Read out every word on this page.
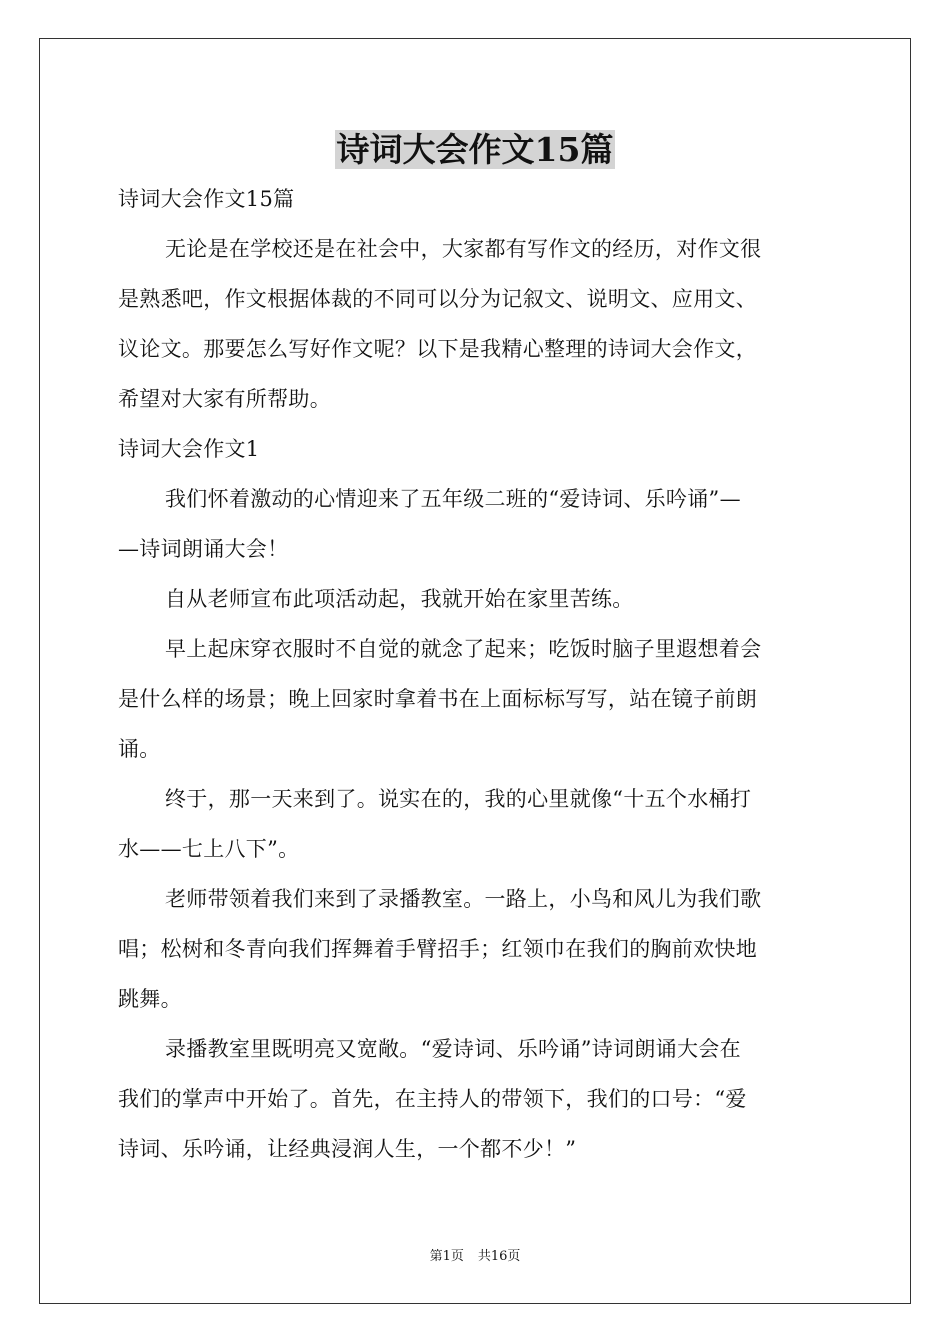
诗词大会作文15篇
诗词大会作文15篇
无论是在学校还是在社会中，大家都有写作文的经历，对作文很
是熟悉吧，作文根据体裁的不同可以分为记叙文、说明文、应用文、
议论文。那要怎么写好作文呢？以下是我精心整理的诗词大会作文，
希望对大家有所帮助。
诗词大会作文1
我们怀着激动的心情迎来了五年级二班的“爱诗词、乐吟诵”—
—诗词朗诵大会！
自从老师宣布此项活动起，我就开始在家里苦练。
早上起床穿衣服时不自觉的就念了起来；吃饭时脑子里遐想着会
是什么样的场景；晚上回家时拿着书在上面标标写写，站在镜子前朗
诵。
终于，那一天来到了。说实在的，我的心里就像“十五个水桶打
水——七上八下”。
老师带领着我们来到了录播教室。一路上，小鸟和风儿为我们歌
唱；松树和冬青向我们挥舞着手臂招手；红领巾在我们的胸前欢快地
跳舞。
录播教室里既明亮又宽敞。“爱诗词、乐吟诵”诗词朗诵大会在
我们的掌声中开始了。首先，在主持人的带领下，我们的口号：“爱
诗词、乐吟诵，让经典浸润人生，一个都不少！”
第1页 共16页
